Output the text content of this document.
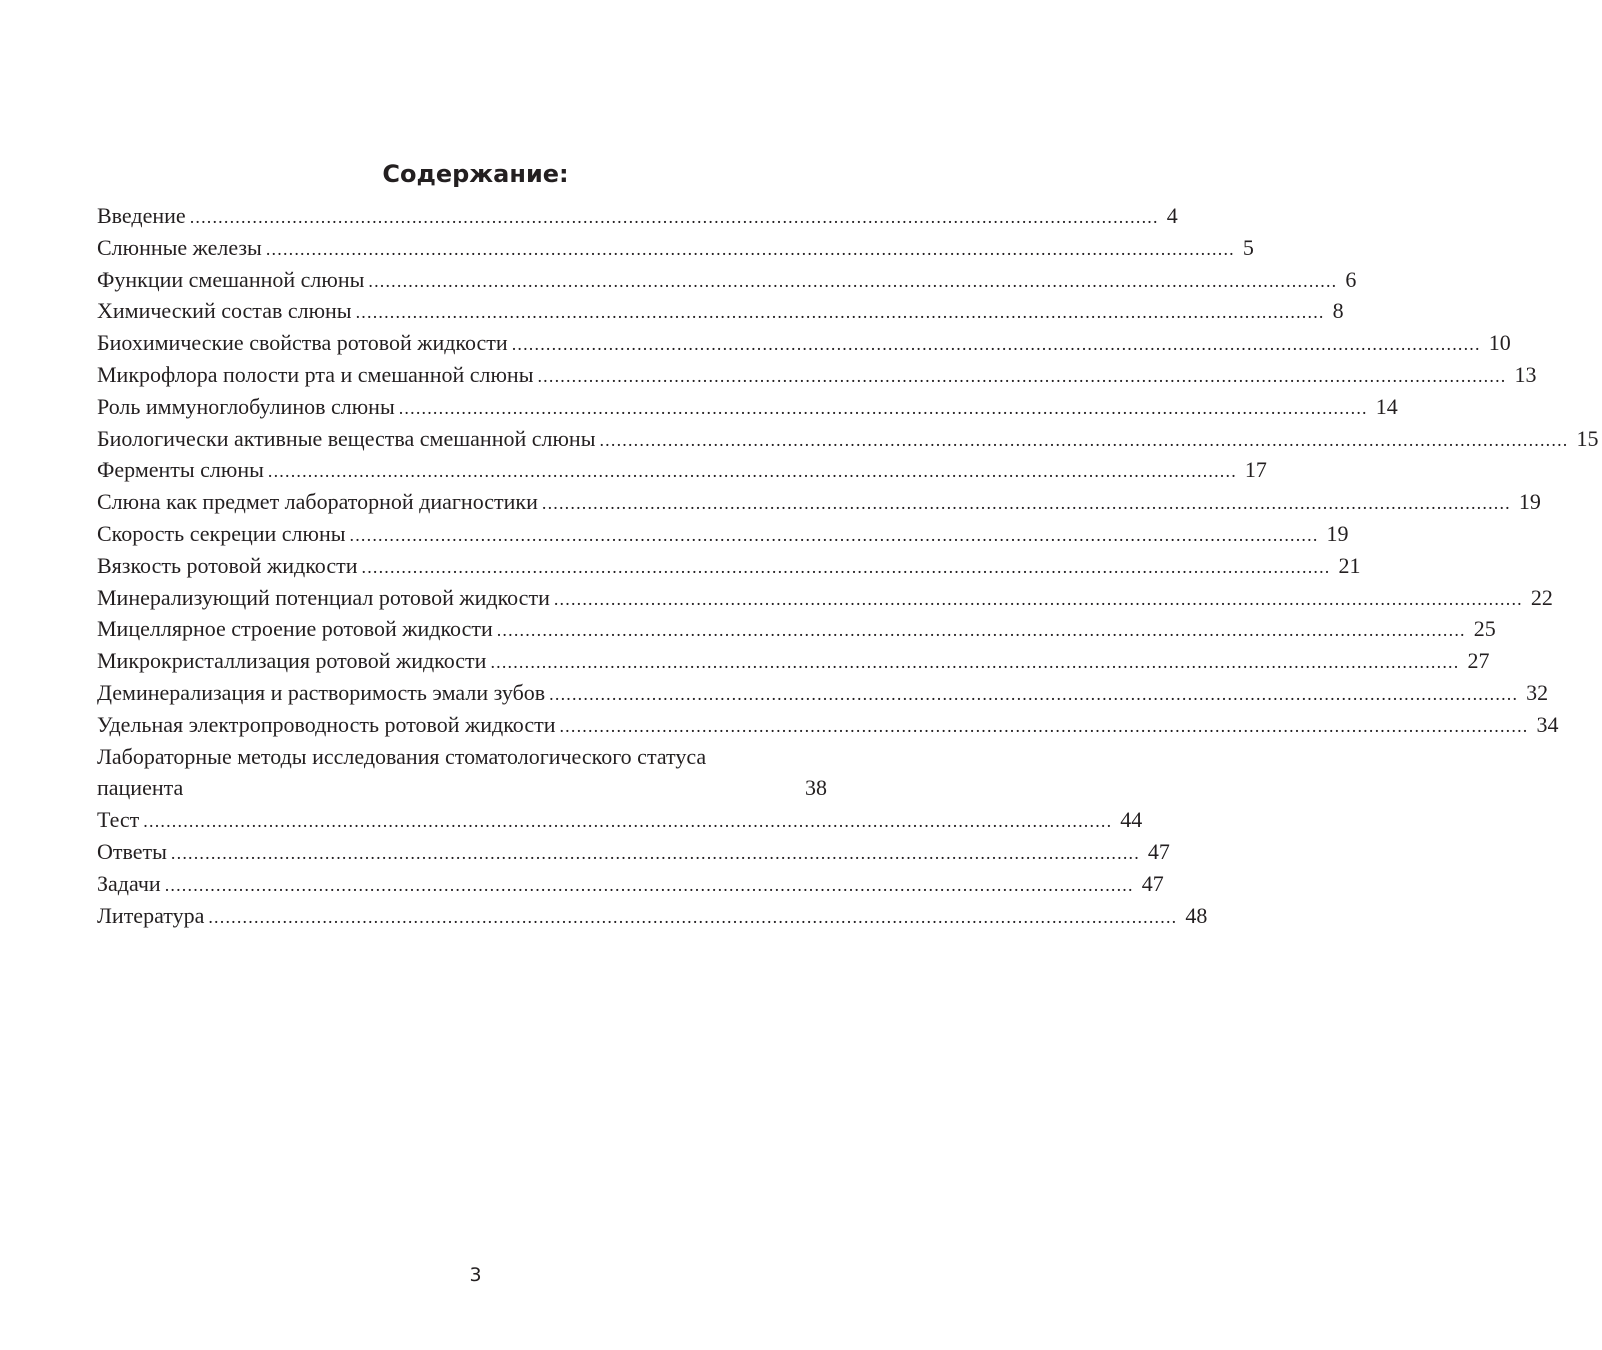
Содержание:
Введение .......................................................................................................................................................................... 4
Слюнные железы .......................................................................................................................................................................... 5
Функции смешанной слюны .......................................................................................................................................................................... 6
Химический состав слюны .......................................................................................................................................................................... 8
Биохимические свойства ротовой жидкости .......................................................................................................................................................................... 10
Микрофлора полости рта и смешанной слюны .......................................................................................................................................................................... 13
Роль иммуноглобулинов слюны .......................................................................................................................................................................... 14
Биологически активные вещества смешанной слюны .......................................................................................................................................................................... 15
Ферменты слюны .......................................................................................................................................................................... 17
Слюна как предмет лабораторной диагностики .......................................................................................................................................................................... 19
Скорость секреции слюны .......................................................................................................................................................................... 19
Вязкость ротовой жидкости .......................................................................................................................................................................... 21
Минерализующий потенциал ротовой жидкости .......................................................................................................................................................................... 22
Мицеллярное строение ротовой жидкости .......................................................................................................................................................................... 25
Микрокристаллизация ротовой жидкости .......................................................................................................................................................................... 27
Деминерализация и растворимость эмали зубов .......................................................................................................................................................................... 32
Удельная электропроводность ротовой жидкости .......................................................................................................................................................................... 34
Лабораторные методы исследования стоматологического статуса
пациента	38
Тест .......................................................................................................................................................................... 44
Ответы .......................................................................................................................................................................... 47
Задачи .......................................................................................................................................................................... 47
Литература .......................................................................................................................................................................... 48
3
